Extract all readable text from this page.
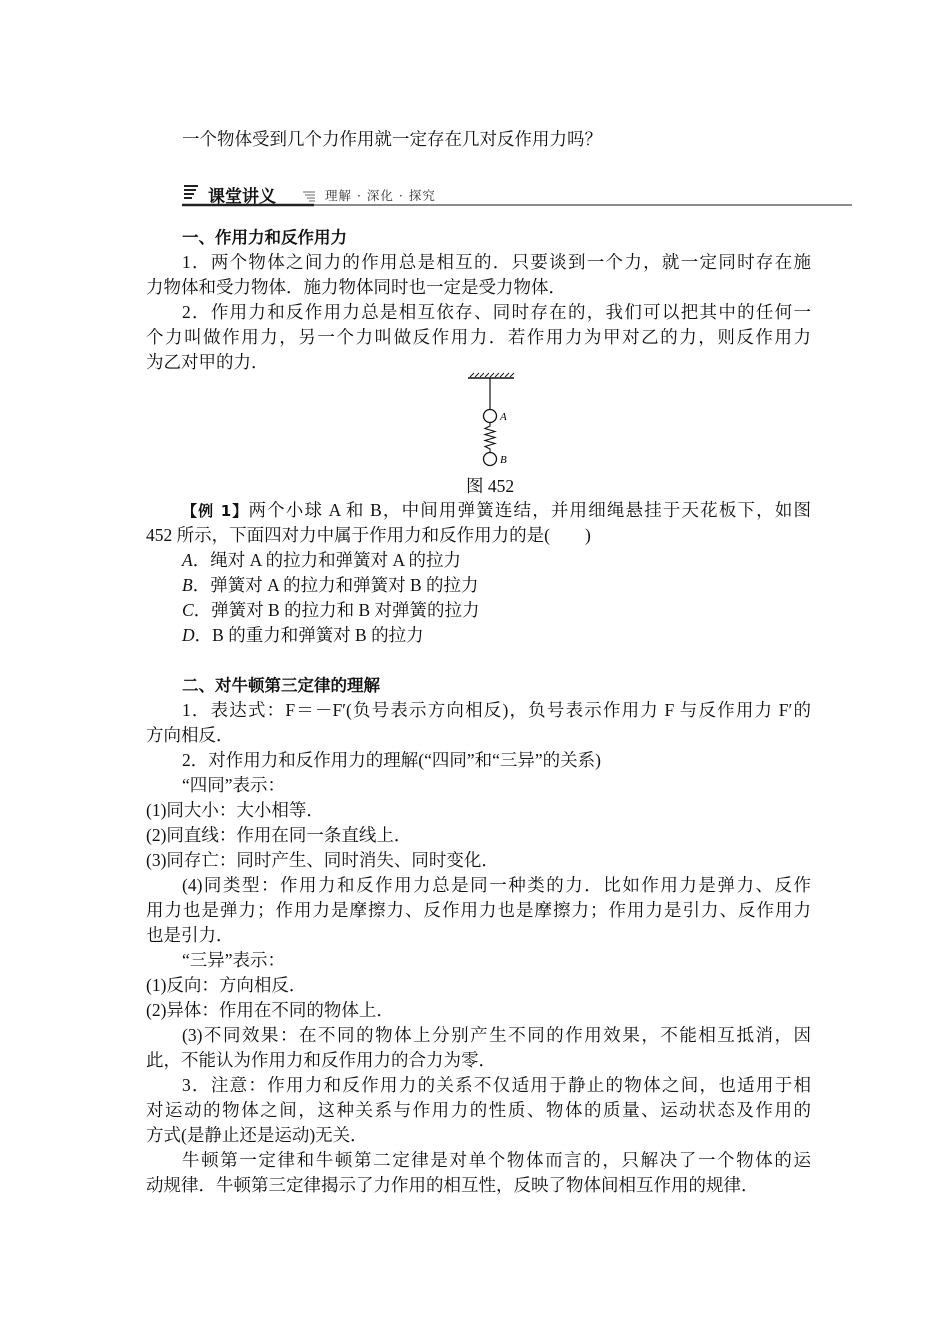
一个物体受到几个力作用就一定存在几对反作用力吗？
课堂讲义	理解 · 深化 · 探究
一、作用力和反作用力
1．两个物体之间力的作用总是相互的．只要谈到一个力，就一定同时存在施
力物体和受力物体．施力物体同时也一定是受力物体．
2．作用力和反作用力总是相互依存、同时存在的，我们可以把其中的任何一
个力叫做作用力，另一个力叫做反作用力．若作用力为甲对乙的力，则反作用力
为乙对甲的力．
A
B
图 452
【例 1】两个小球 A 和 B，中间用弹簧连结，并用细绳悬挂于天花板下，如图
452 所示，下面四对力中属于作用力和反作用力的是(　　)
A．绳对 A 的拉力和弹簧对 A 的拉力
B．弹簧对 A 的拉力和弹簧对 B 的拉力
C．弹簧对 B 的拉力和 B 对弹簧的拉力
D．B 的重力和弹簧对 B 的拉力
二、对牛顿第三定律的理解
1．表达式：F＝－F′(负号表示方向相反)，负号表示作用力 F 与反作用力 F′的
方向相反．
2．对作用力和反作用力的理解(“四同”和“三异”的关系)
“四同”表示：
(1)同大小：大小相等．
(2)同直线：作用在同一条直线上．
(3)同存亡：同时产生、同时消失、同时变化．
(4)同类型：作用力和反作用力总是同一种类的力．比如作用力是弹力、反作
用力也是弹力；作用力是摩擦力、反作用力也是摩擦力；作用力是引力、反作用力
也是引力．
“三异”表示：
(1)反向：方向相反．
(2)异体：作用在不同的物体上．
(3)不同效果：在不同的物体上分别产生不同的作用效果，不能相互抵消，因
此，不能认为作用力和反作用力的合力为零．
3．注意：作用力和反作用力的关系不仅适用于静止的物体之间，也适用于相
对运动的物体之间，这种关系与作用力的性质、物体的质量、运动状态及作用的
方式(是静止还是运动)无关．
牛顿第一定律和牛顿第二定律是对单个物体而言的，只解决了一个物体的运
动规律．牛顿第三定律揭示了力作用的相互性，反映了物体间相互作用的规律．
